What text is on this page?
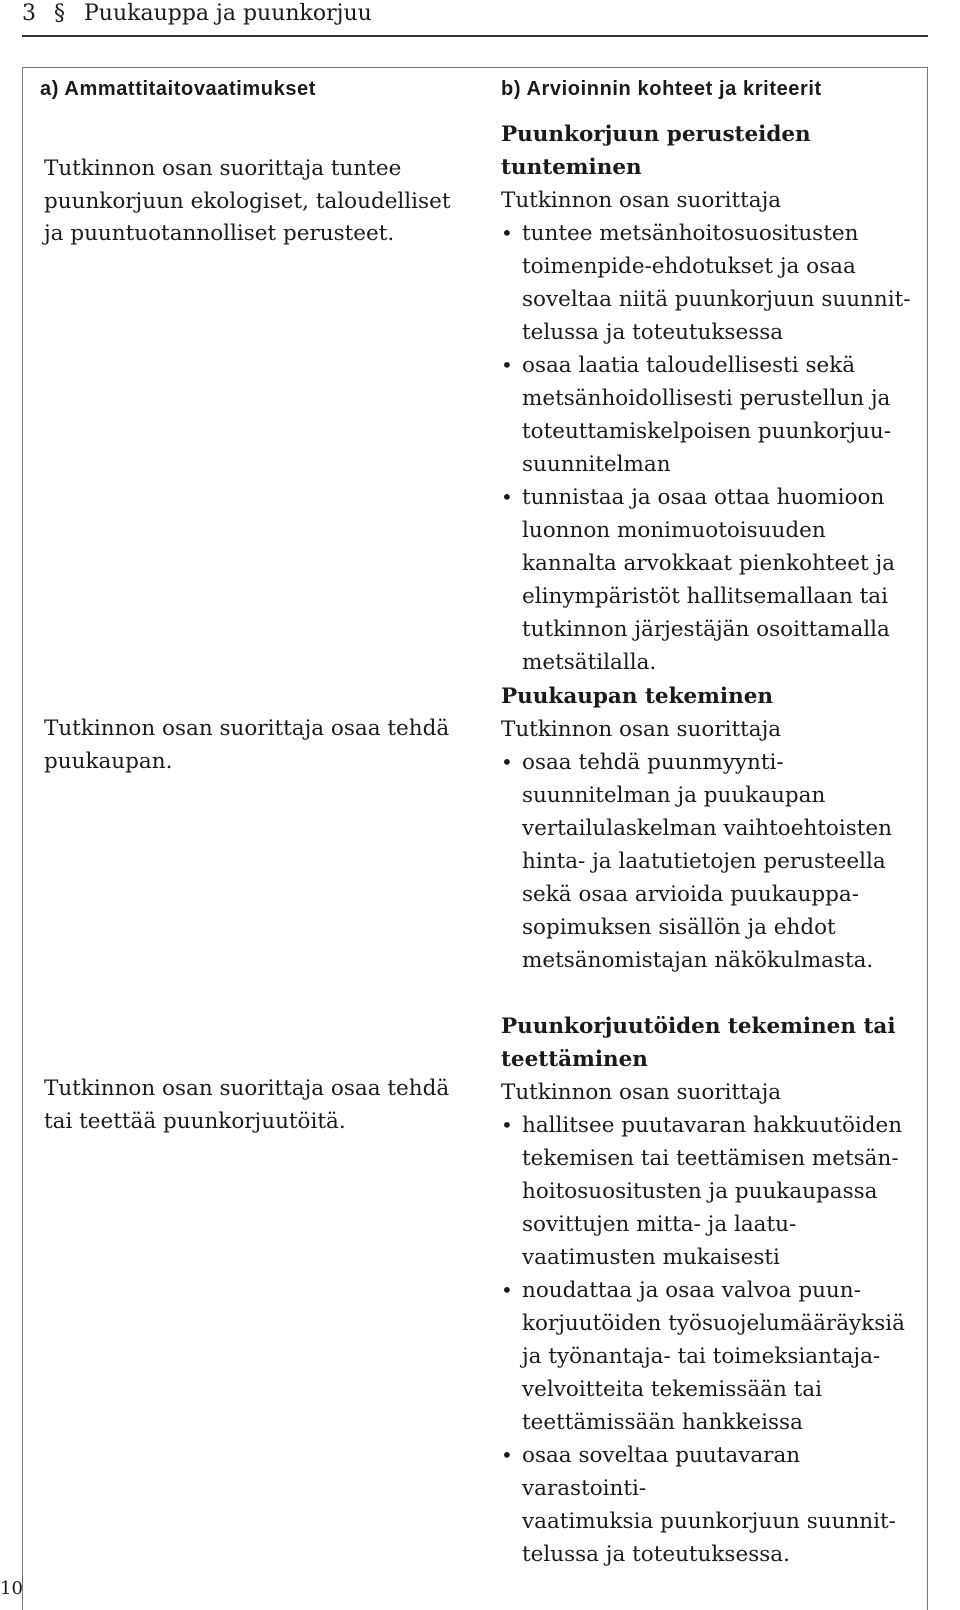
3 § Puukauppa ja puunkorjuu
a) Ammattitaitovaatimukset	b) Arvioinnin kohteet ja kriteerit
Tutkinnon osan suorittaja tuntee
puunkorjuun ekologiset, taloudelliset
ja puuntuotannolliset perusteet.
Tutkinnon osan suorittaja osaa tehdä
puukaupan.
Tutkinnon osan suorittaja osaa tehdä
tai teettää puunkorjuutöitä.
Puunkorjuun perusteiden tunteminen
Tutkinnon osan suorittaja
• tuntee metsänhoitosuositusten
toimenpide-ehdotukset ja osaa
soveltaa niitä puunkorjuun suunnit-
telussa ja toteutuksessa
• osaa laatia taloudellisesti sekä
metsänhoidollisesti perustellun ja
toteuttamiskelpoisen puunkorjuu-
suunnitelman
• tunnistaa ja osaa ottaa huomioon
luonnon monimuotoisuuden
kannalta arvokkaat pienkohteet ja
elinympäristöt hallitsemallaan tai
tutkinnon järjestäjän osoittamalla
metsätilalla.
Puukaupan tekeminen
Tutkinnon osan suorittaja
• osaa tehdä puunmyynti-
suunnitelman ja puukaupan
vertailulaskelman vaihtoehtoisten
hinta- ja laatutietojen perusteella
sekä osaa arvioida puukauppa-
sopimuksen sisällön ja ehdot
metsänomistajan näkökulmasta.
Puunkorjuutöiden tekeminen tai
teettäminen
Tutkinnon osan suorittaja
• hallitsee puutavaran hakkuutöiden
tekemisen tai teettämisen metsän-
hoitosuositusten ja puukaupassa
sovittujen mitta- ja laatu-
vaatimusten mukaisesti
• noudattaa ja osaa valvoa puun-
korjuutöiden työsuojelumääräyksiä
ja työnantaja- tai toimeksiantaja-
velvoitteita tekemissään tai
teettämissään hankkeissa
• osaa soveltaa puutavaran varastointi-
vaatimuksia puunkorjuun suunnit-
telussa ja toteutuksessa.
10
